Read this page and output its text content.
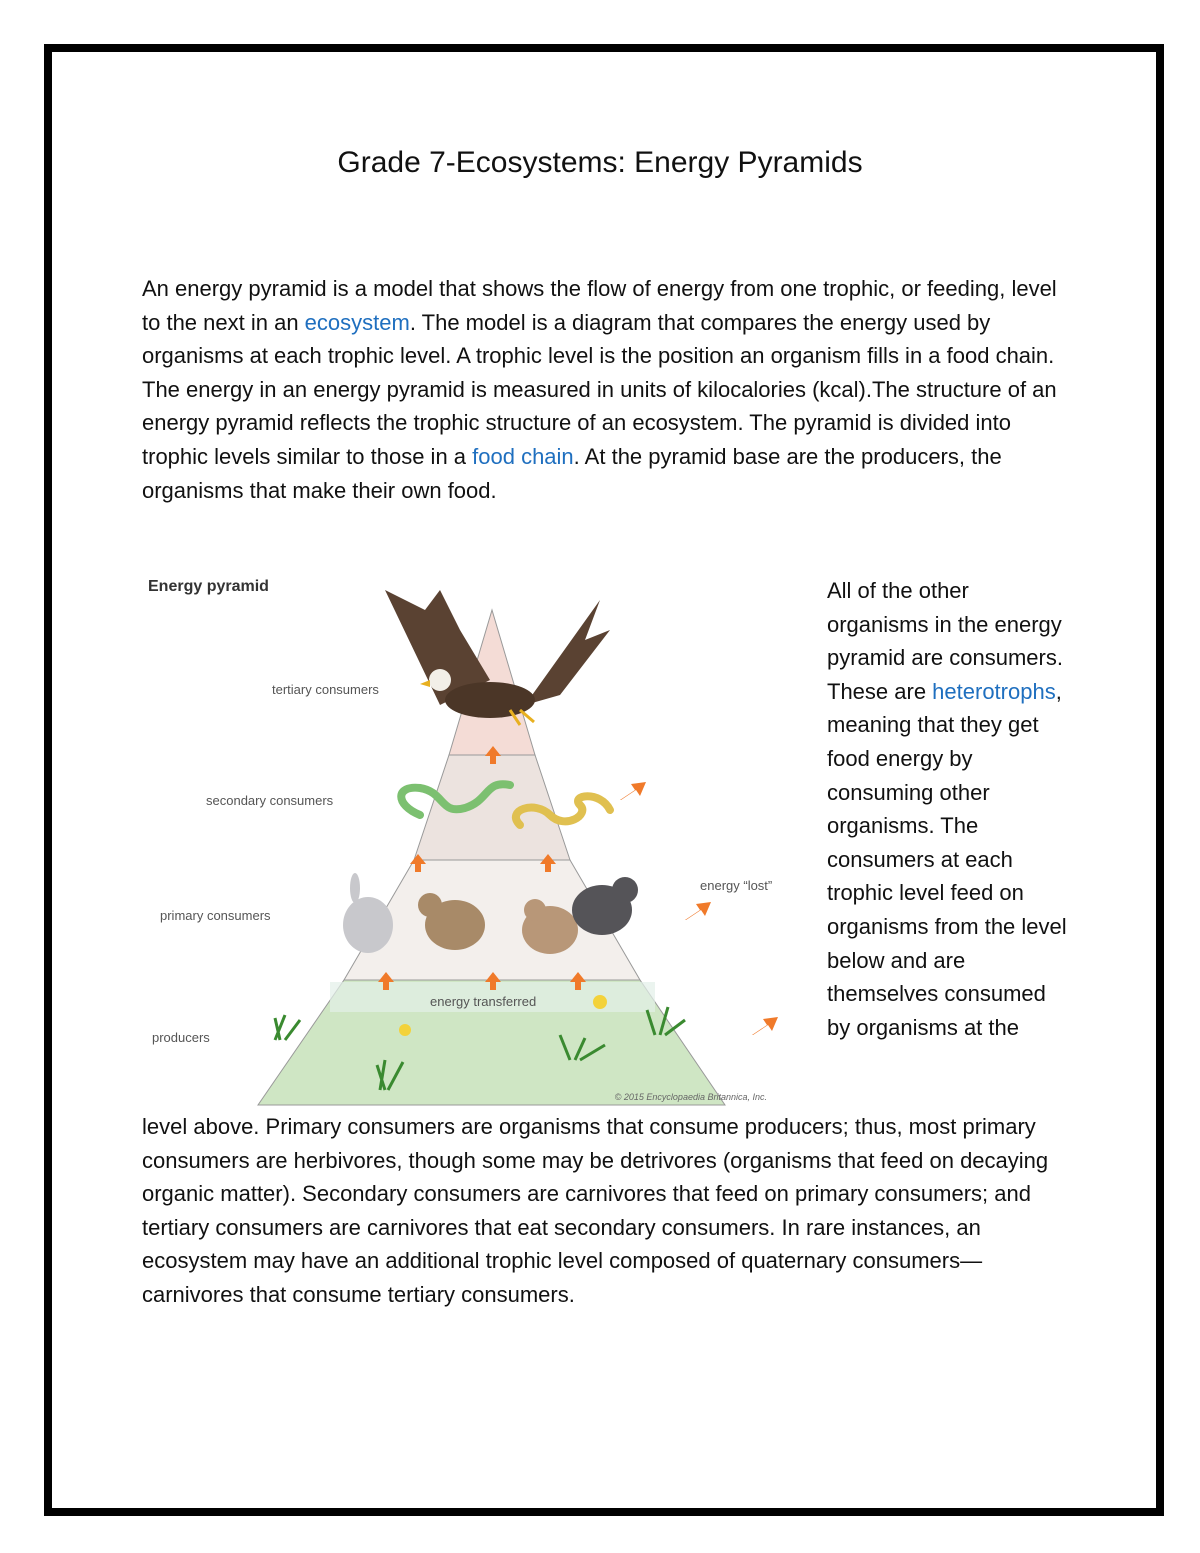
Grade 7-Ecosystems: Energy Pyramids

An energy pyramid is a model that shows the flow of energy from one trophic, or feeding, level to the next in an ecosystem. The model is a diagram that compares the energy used by organisms at each trophic level. A trophic level is the position an organism fills in a food chain. The energy in an energy pyramid is measured in units of kilocalories (kcal).The structure of an energy pyramid reflects the trophic structure of an ecosystem. The pyramid is divided into trophic levels similar to those in a food chain. At the pyramid base are the producers, the organisms that make their own food.

Energy pyramid
tertiary consumers
secondary consumers
primary consumers
producers
energy “lost”
energy transferred
© 2015 Encyclopaedia Britannica, Inc.

All of the other organisms in the energy pyramid are consumers. These are heterotrophs, meaning that they get food energy by consuming other organisms. The consumers at each trophic level feed on organisms from the level below and are themselves consumed by organisms at the

level above. Primary consumers are organisms that consume producers; thus, most primary consumers are herbivores, though some may be detrivores (organisms that feed on decaying organic matter). Secondary consumers are carnivores that feed on primary consumers; and tertiary consumers are carnivores that eat secondary consumers. In rare instances, an ecosystem may have an additional trophic level composed of quaternary consumers—carnivores that consume tertiary consumers.
